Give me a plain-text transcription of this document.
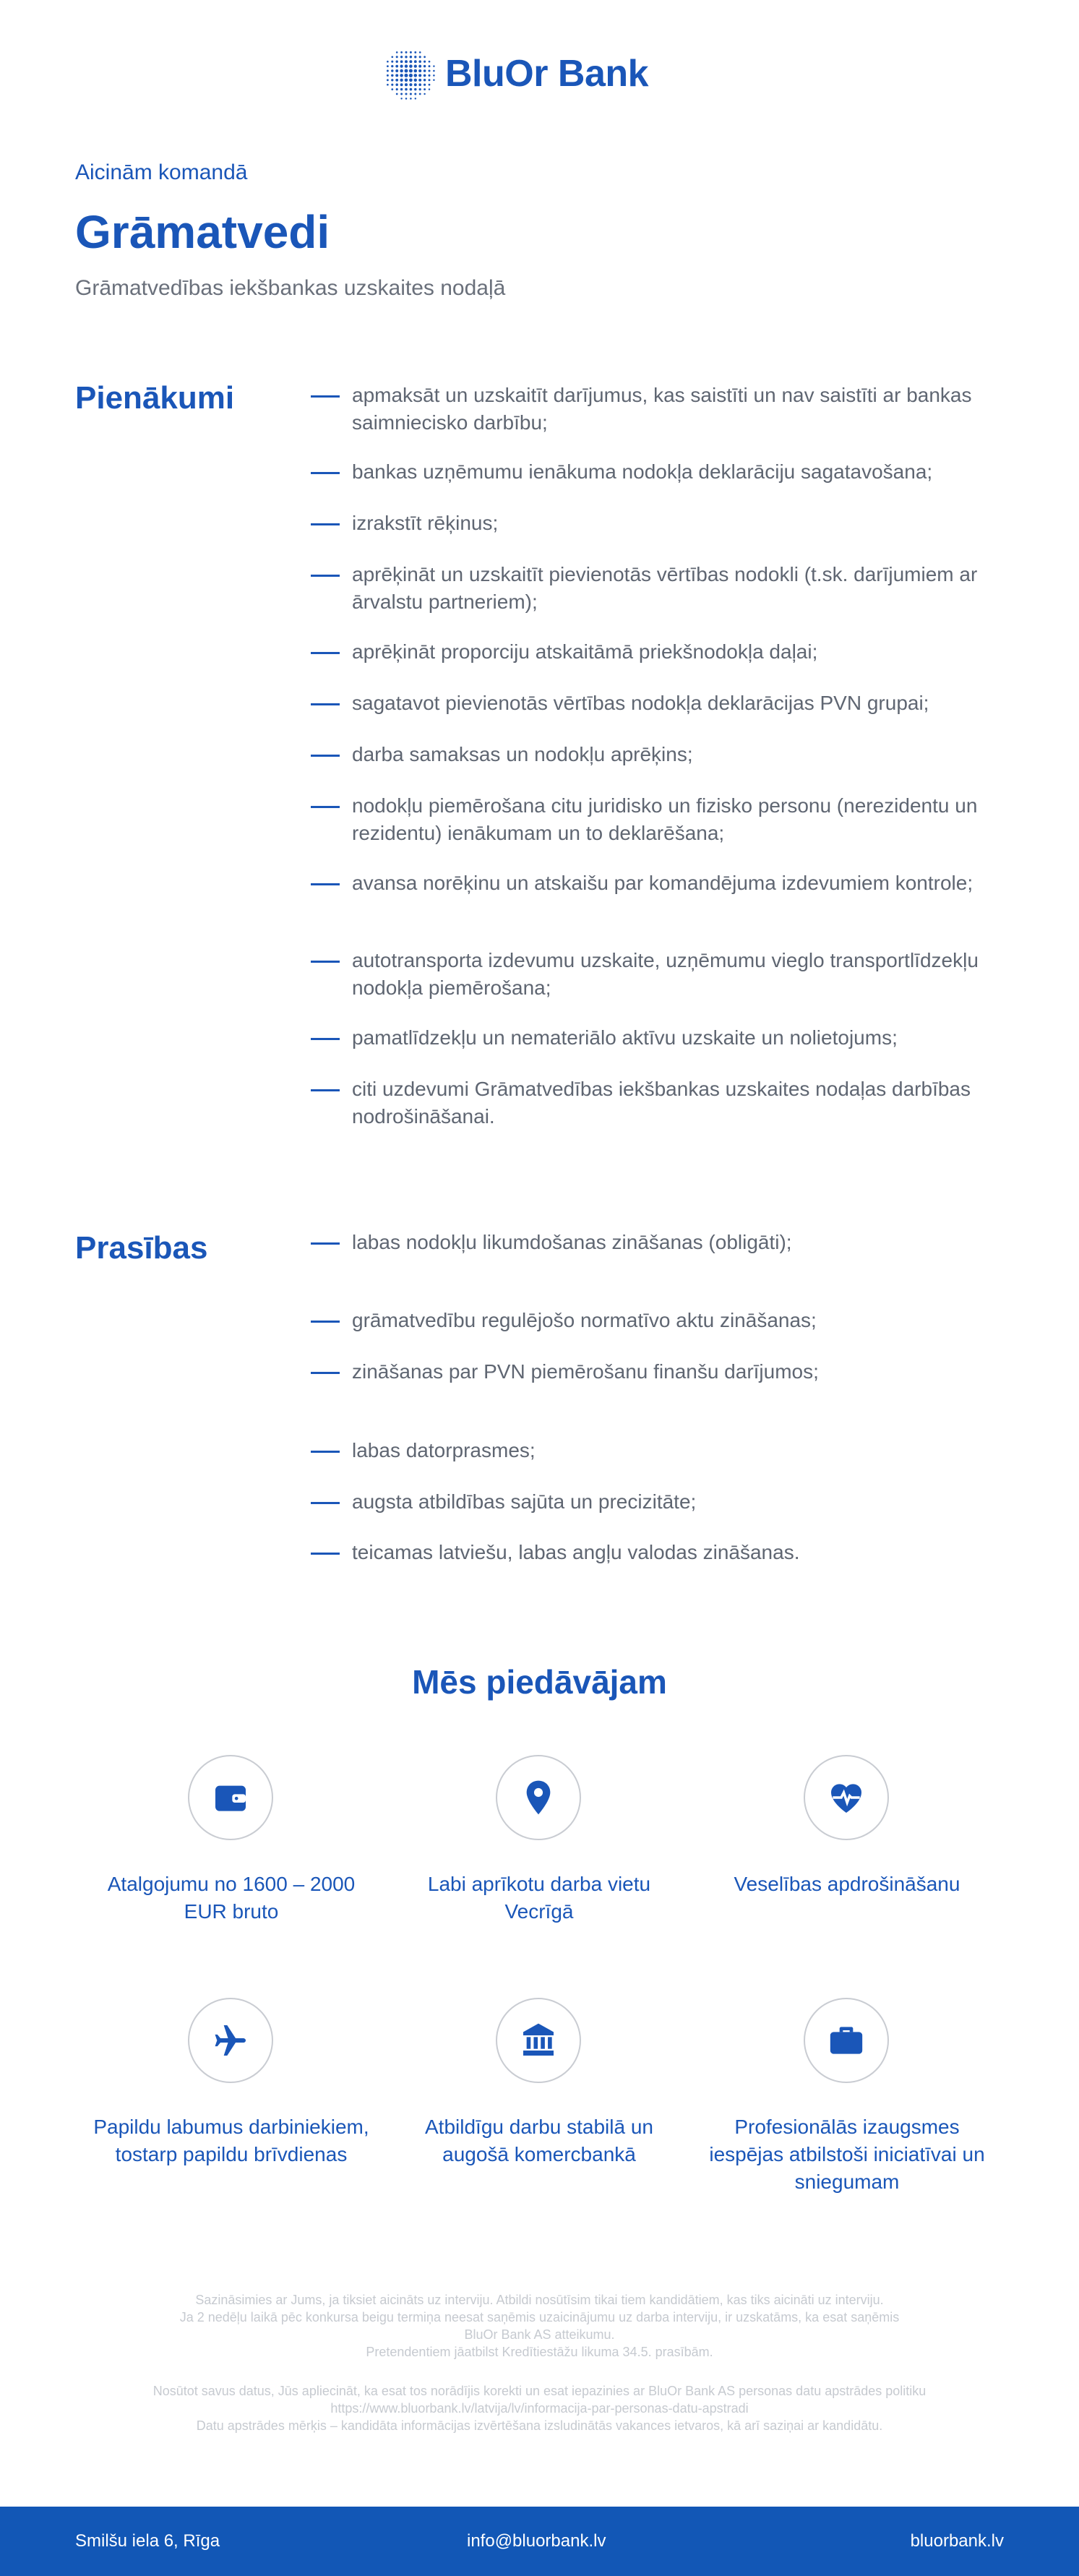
BluOr Bank
Aicinām komandā
Grāmatvedi
Grāmatvedības iekšbankas uzskaites nodaļā
Pienākumi	apmaksāt un uzskaitīt darījumus, kas saistīti un nav saistīti ar bankas saimniecisko darbību;
bankas uzņēmumu ienākuma nodokļa deklarāciju sagatavošana;
izrakstīt rēķinus;
aprēķināt un uzskaitīt pievienotās vērtības nodokli (t.sk. darījumiem ar ārvalstu partneriem);
aprēķināt proporciju atskaitāmā priekšnodokļa daļai;
sagatavot pievienotās vērtības nodokļa deklarācijas PVN grupai;
darba samaksas un nodokļu aprēķins;
nodokļu piemērošana citu juridisko un fizisko personu (nerezidentu un rezidentu) ienākumam un to deklarēšana;
avansa norēķinu un atskaišu par komandējuma izdevumiem kontrole;
autotransporta izdevumu uzskaite, uzņēmumu vieglo transportlīdzekļu nodokļa piemērošana;
pamatlīdzekļu un nemateriālo aktīvu uzskaite un nolietojums;
citi uzdevumi Grāmatvedības iekšbankas uzskaites nodaļas darbības nodrošināšanai.
Prasības	labas nodokļu likumdošanas zināšanas (obligāti);
grāmatvedību regulējošo normatīvo aktu zināšanas;
zināšanas par PVN piemērošanu finanšu darījumos;
labas datorprasmes;
augsta atbildības sajūta un precizitāte;
teicamas latviešu, labas angļu valodas zināšanas.
Mēs piedāvājam
Atalgojumu no 1600 – 2000 EUR bruto
Labi aprīkotu darba vietu Vecrīgā
Veselības apdrošināšanu
Papildu labumus darbiniekiem, tostarp papildu brīvdienas
Atbildīgu darbu stabilā un augošā komercbankā
Profesionālās izaugsmes iespējas atbilstoši iniciatīvai un sniegumam

Sazināsimies ar Jums, ja tiksiet aicināts uz interviju. Atbildi nosūtīsim tikai tiem kandidātiem, kas tiks aicināti uz interviju.

Ja 2 nedēļu laikā pēc konkursa beigu termiņa neesat saņēmis uzaicinājumu uz darba interviju, ir uzskatāms, ka esat saņēmis

BluOr Bank AS atteikumu.

Pretendentiem jāatbilst Kredītiestāžu likuma 34.5. prasībām.

Nosūtot savus datus, Jūs apliecināt, ka esat tos norādījis korekti un esat iepazinies ar BluOr Bank AS personas datu apstrādes politiku

https://www.bluorbank.lv/latvija/lv/informacija-par-personas-datu-apstradi

Datu apstrādes mērķis – kandidāta informācijas izvērtēšana izsludinātās vakances ietvaros, kā arī saziņai ar kandidātu.

Smilšu iela 6, Rīga	info@bluorbank.lv	bluorbank.lv
